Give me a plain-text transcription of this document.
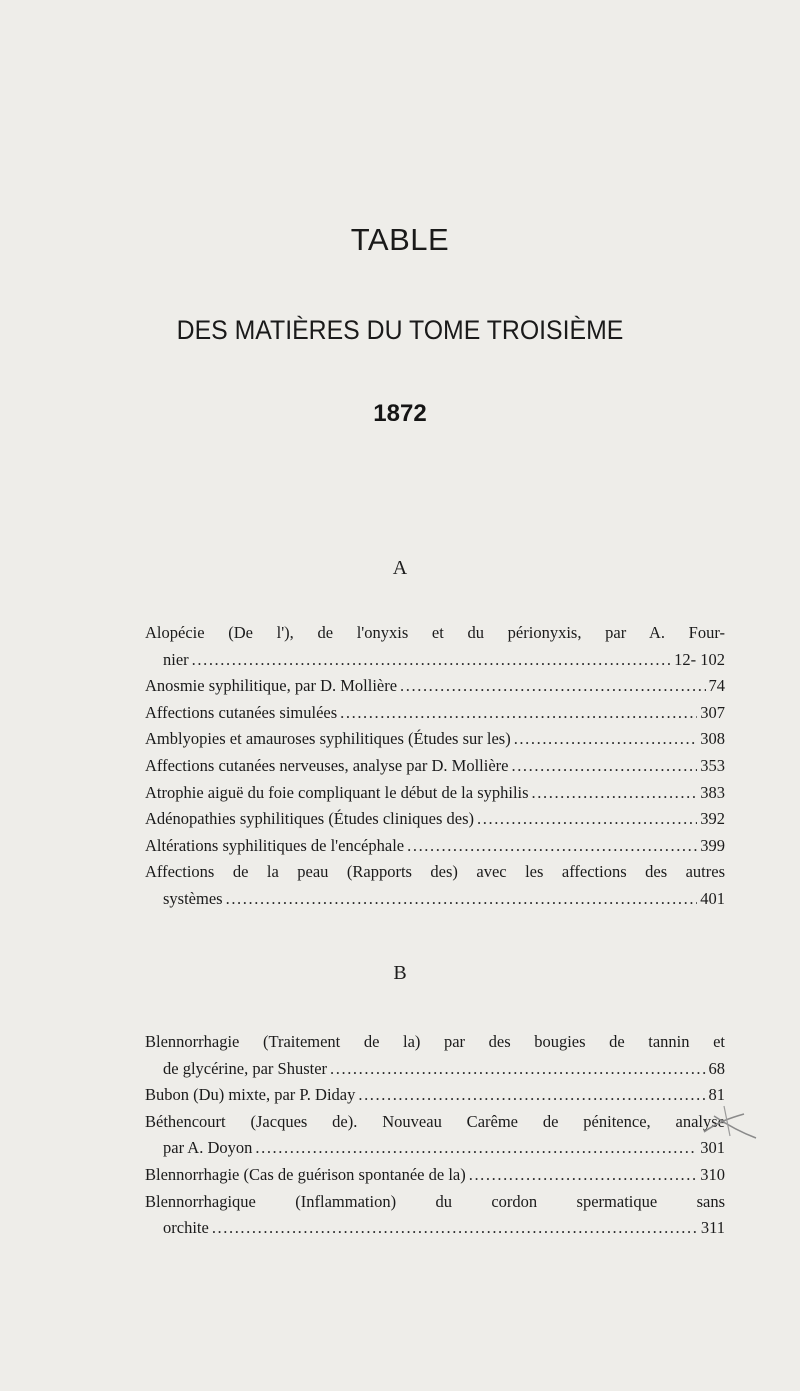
TABLE
DES MATIÈRES DU TOME TROISIÈME
1872
A
Alopécie (De l'), de l'onyxis et du périonyxis, par A. Four-
nier .....	12- 102
Anosmie syphilitique, par D. Mollière .....	74
Affections cutanées simulées .....	307
Amblyopies et amauroses syphilitiques (Études sur les) .....	308
Affections cutanées nerveuses, analyse par D. Mollière .....	353
Atrophie aiguë du foie compliquant le début de la syphilis .....	383
Adénopathies syphilitiques (Études cliniques des) .....	392
Altérations syphilitiques de l'encéphale .....	399
Affections de la peau (Rapports des) avec les affections des autres
systèmes .....	401
B
Blennorrhagie (Traitement de la) par des bougies de tannin et
de glycérine, par Shuster .....	68
Bubon (Du) mixte, par P. Diday .....	81
Béthencourt (Jacques de). Nouveau Carême de pénitence, analyse
par A. Doyon .....	301
Blennorrhagie (Cas de guérison spontanée de la) .....	310
Blennorrhagique (Inflammation) du cordon spermatique sans
orchite .....	311
